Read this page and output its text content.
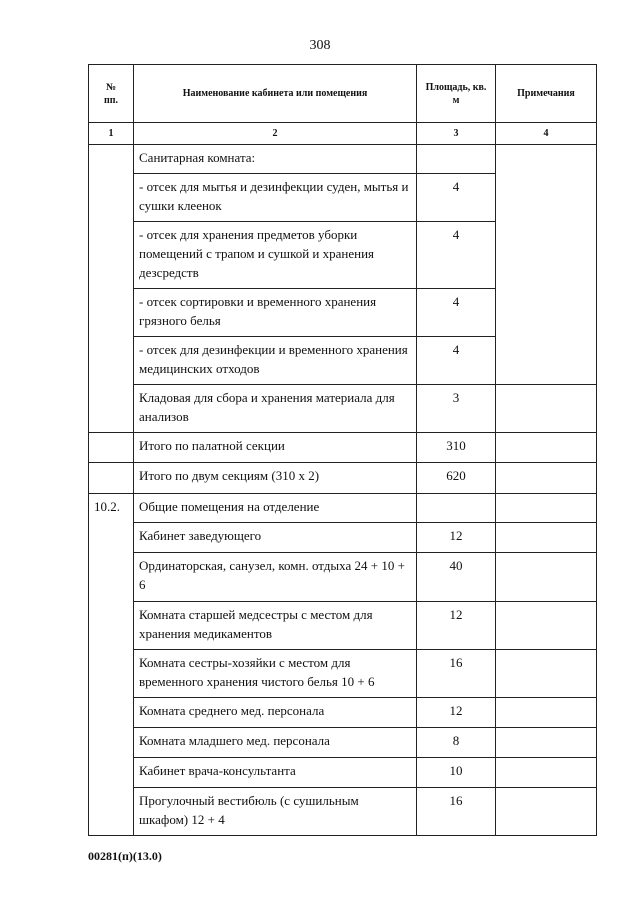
308
№
пп.	Наименование кабинета или помещения	Площадь, кв. м	Примечания
1	2	3	4
	Санитарная комната:		
	- отсек для мытья и дезинфекции суден, мытья и сушки клеенок	4	
	- отсек для хранения предметов уборки помещений с трапом и сушкой и хранения дезсредств	4	
	- отсек сортировки и временного хранения грязного белья	4	
	- отсек для дезинфекции и временного хранения медицинских отходов	4	
	Кладовая для сбора и хранения материала для анализов	3	
	Итого по палатной секции	310	
	Итого по двум секциям (310 х 2)	620	
10.2.	Общие помещения на отделение		
	Кабинет заведующего	12	
	Ординаторская, санузел, комн. отдыха 24 + 10 + 6	40	
	Комната старшей медсестры с местом для хранения медикаментов	12	
	Комната сестры-хозяйки с местом для временного хранения чистого белья 10 + 6	16	
	Комната среднего мед. персонала	12	
	Комната младшего мед. персонала	8	
	Кабинет врача-консультанта	10	
	Прогулочный вестибюль (с сушильным шкафом) 12 + 4	16	
00281(п)(13.0)
